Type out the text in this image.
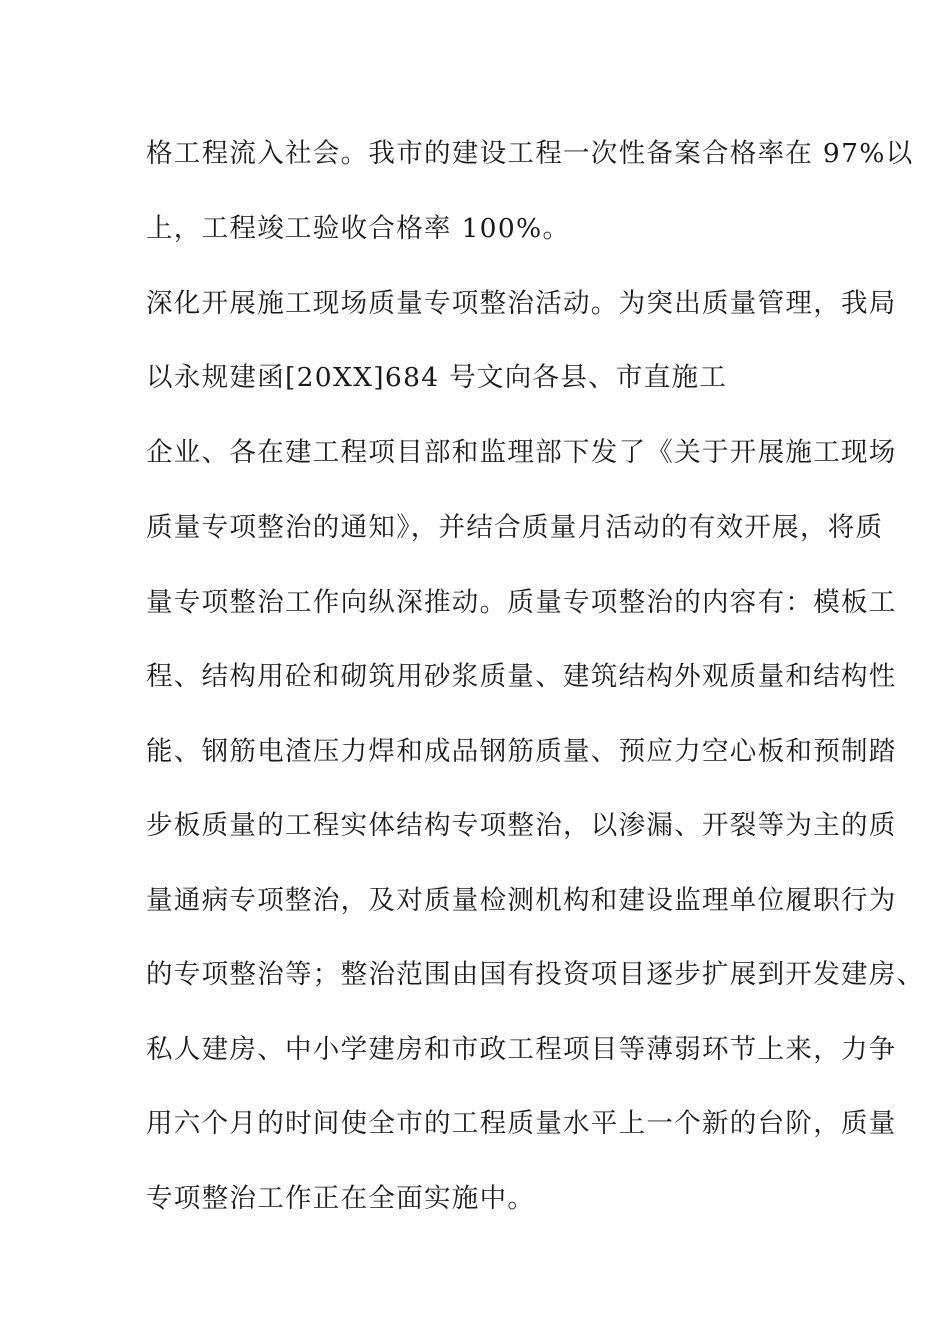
格工程流入社会。我市的建设工程一次性备案合格率在 97%以
上，工程竣工验收合格率 100%。
深化开展施工现场质量专项整治活动。为突出质量管理，我局
以永规建函[20XX]684 号文向各县、市直施工
企业、各在建工程项目部和监理部下发了《关于开展施工现场
质量专项整治的通知》，并结合质量月活动的有效开展，将质
量专项整治工作向纵深推动。质量专项整治的内容有：模板工
程、结构用砼和砌筑用砂浆质量、建筑结构外观质量和结构性
能、钢筋电渣压力焊和成品钢筋质量、预应力空心板和预制踏
步板质量的工程实体结构专项整治，以渗漏、开裂等为主的质
量通病专项整治，及对质量检测机构和建设监理单位履职行为
的专项整治等；整治范围由国有投资项目逐步扩展到开发建房、
私人建房、中小学建房和市政工程项目等薄弱环节上来，力争
用六个月的时间使全市的工程质量水平上一个新的台阶，质量
专项整治工作正在全面实施中。
